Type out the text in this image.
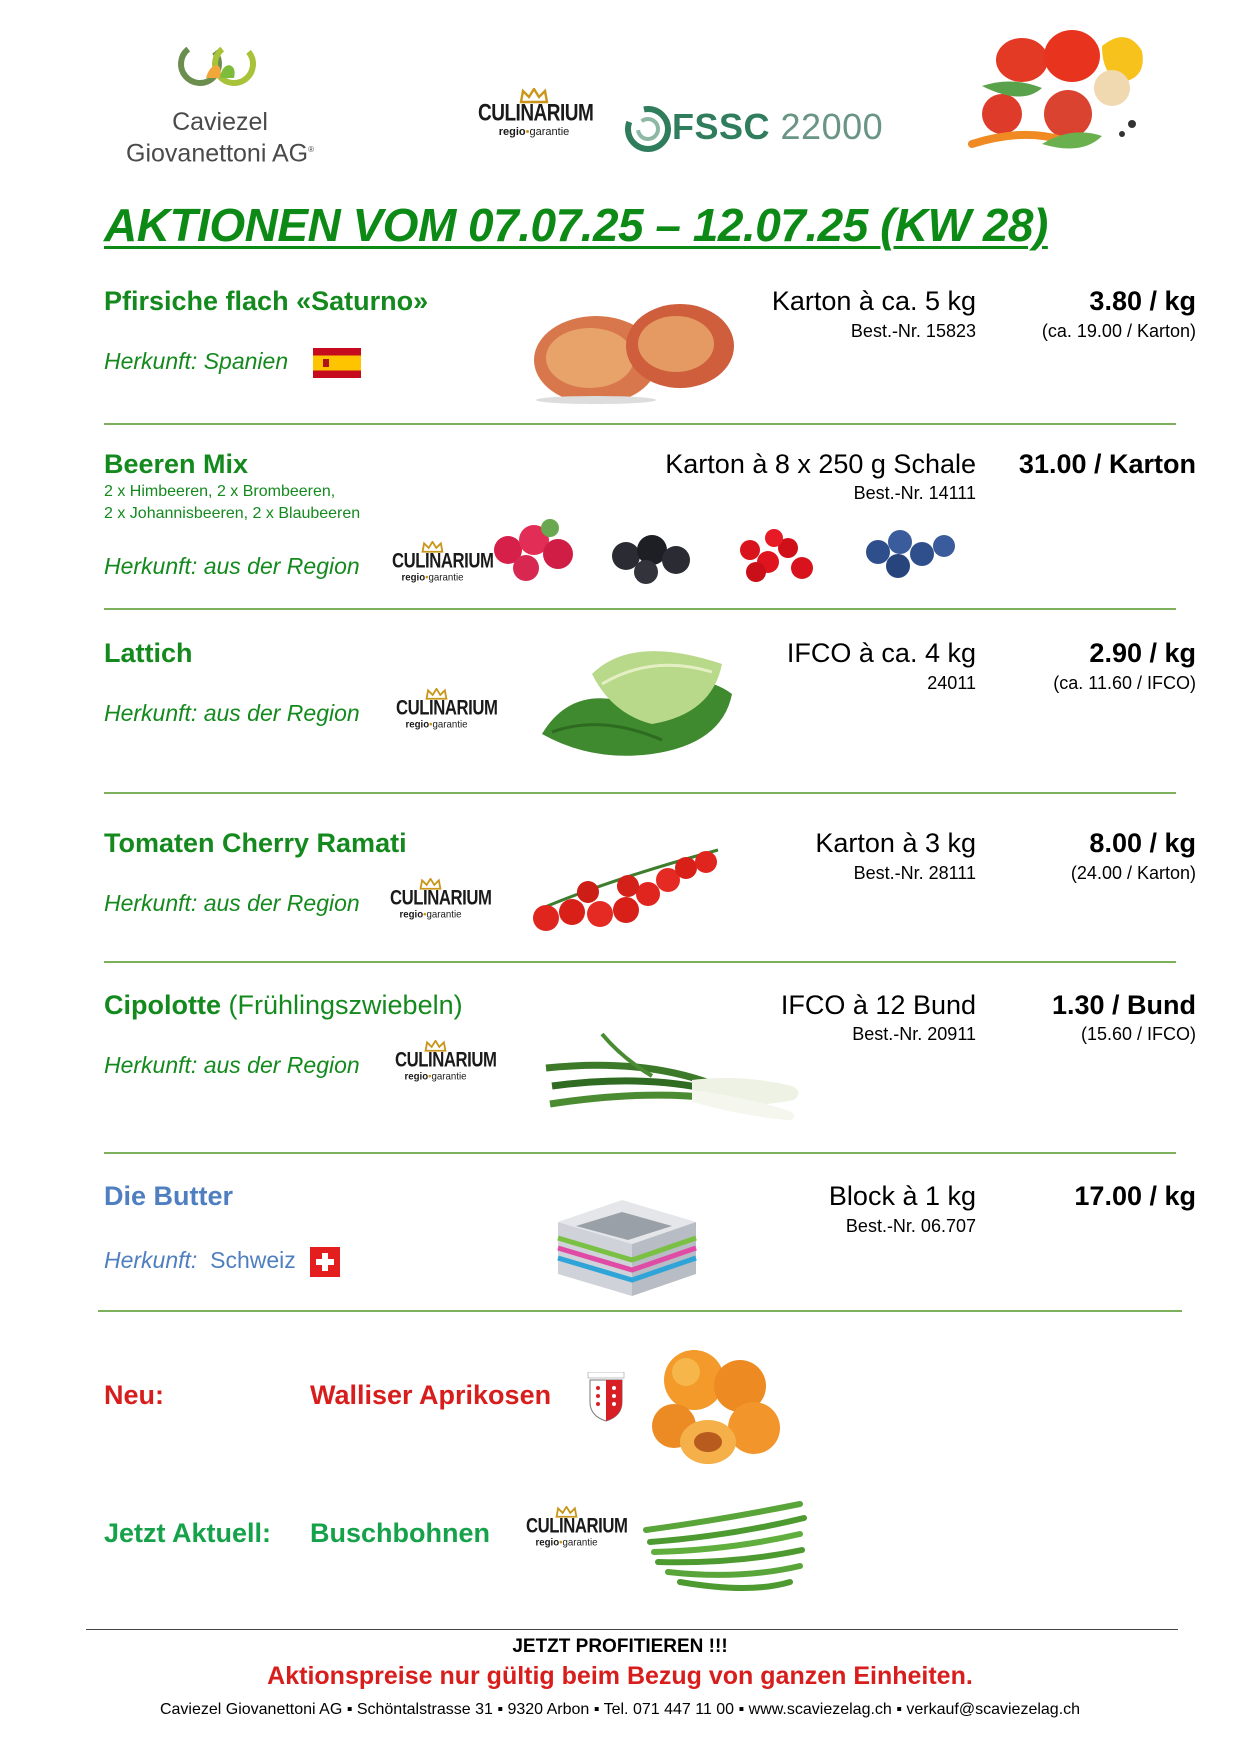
Caviezel
Giovanettoni AG®
CULINARIUM
regio•garantie	FSSC 22000
AKTIONEN VOM 07.07.25 – 12.07.25 (KW 28)
Pfirsiche flach «Saturno»
Herkunft: Spanien
Karton à ca. 5 kg
Best.-Nr. 15823
3.80 / kg
(ca. 19.00 / Karton)
Beeren Mix
2 x Himbeeren, 2 x Brombeeren,
2 x Johannisbeeren, 2 x Blaubeeren
Herkunft: aus der Region CULINARIUM
regio•garantie
Karton à 8 x 250 g Schale
Best.-Nr. 14111
31.00 / Karton
Lattich
Herkunft: aus der Region CULINARIUM
regio•garantie
IFCO à ca. 4 kg
24011
2.90 / kg
(ca. 11.60 / IFCO)
Tomaten Cherry Ramati
Herkunft: aus der Region CULINARIUM
regio•garantie
Karton à 3 kg
Best.-Nr. 28111
8.00 / kg
(24.00 / Karton)
Cipolotte (Frühlingszwiebeln)
Herkunft: aus der Region CULINARIUM
regio•garantie
IFCO à 12 Bund
Best.-Nr. 20911
1.30 / Bund
(15.60 / IFCO)
Die Butter
Herkunft: Schweiz
Block à 1 kg
Best.-Nr. 06.707
17.00 / kg
Neu:	Walliser Aprikosen
Jetzt Aktuell: Buschbohnen CULINARIUM
regio•garantie
JETZT PROFITIEREN !!!
Aktionspreise nur gültig beim Bezug von ganzen Einheiten.
Caviezel Giovanettoni AG ▪ Schöntalstrasse 31 ▪ 9320 Arbon ▪ Tel. 071 447 11 00 ▪ www.scaviezelag.ch ▪ verkauf@scaviezelag.ch
